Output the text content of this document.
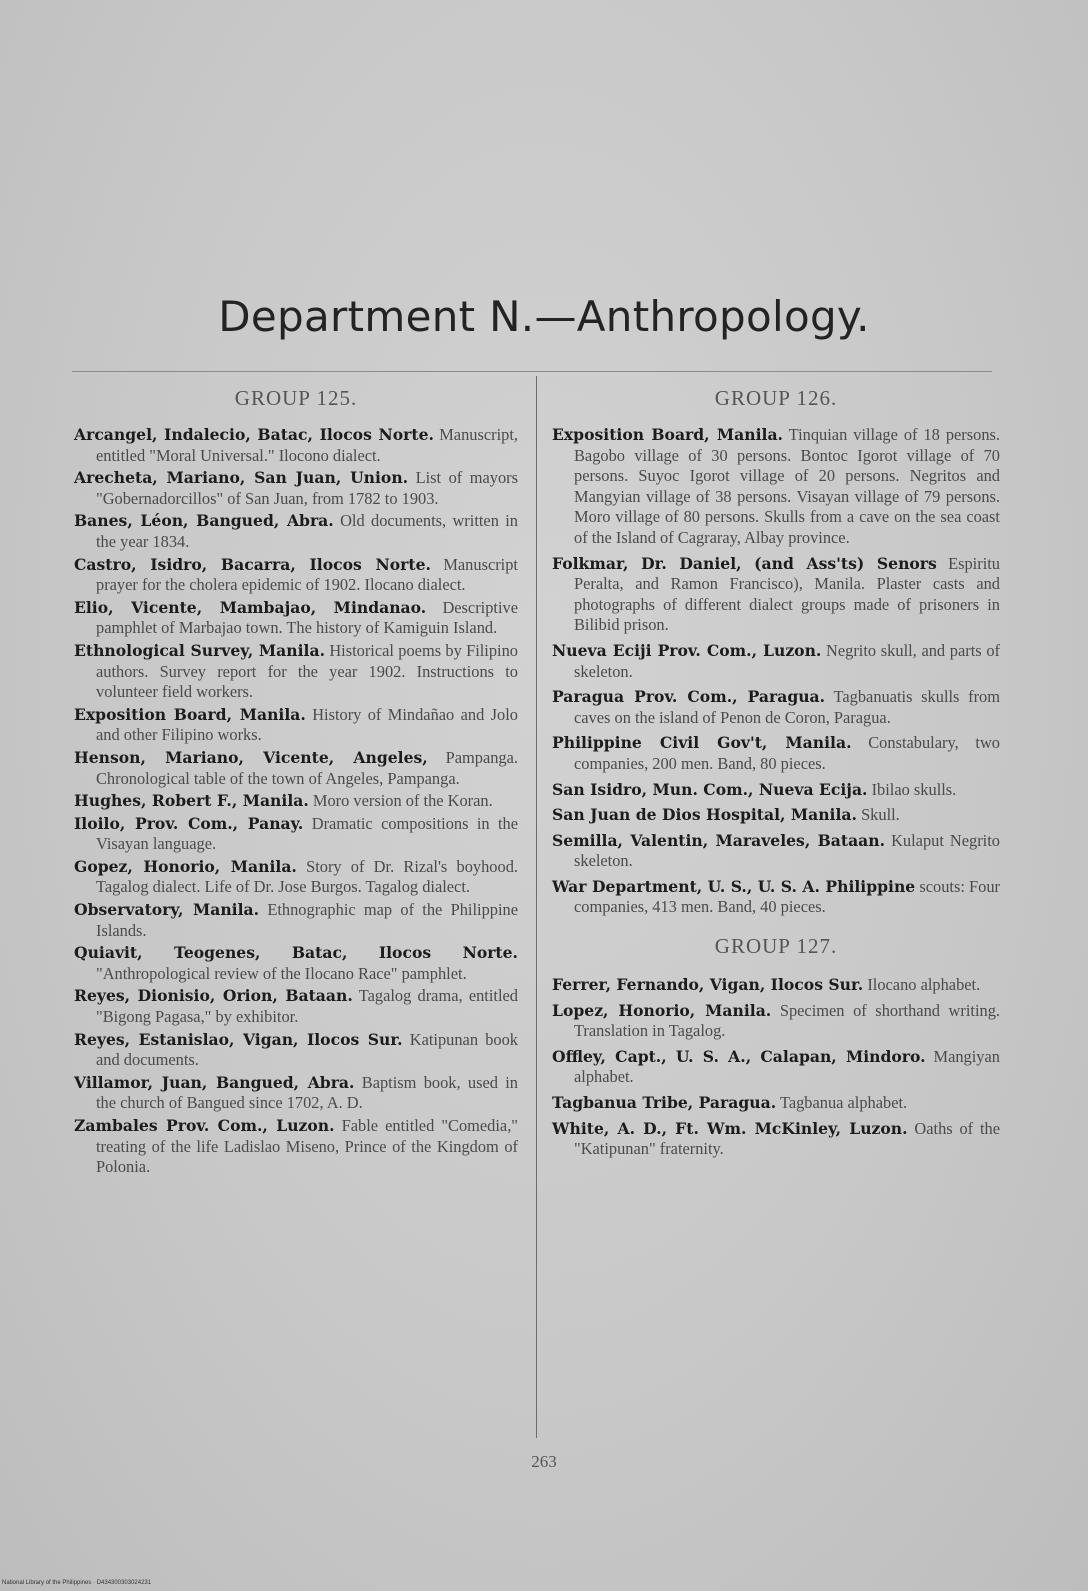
Department N.—Anthropology.
GROUP 125.
Arcangel, Indalecio, Batac, Ilocos Norte. Manuscript, entitled "Moral Universal." Ilocono dialect.
Arecheta, Mariano, San Juan, Union. List of mayors "Gobernadorcillos" of San Juan, from 1782 to 1903.
Banes, Léon, Bangued, Abra. Old documents, written in the year 1834.
Castro, Isidro, Bacarra, Ilocos Norte. Manuscript prayer for the cholera epidemic of 1902. Ilocano dialect.
Elio, Vicente, Mambajao, Mindanao. Descriptive pamphlet of Marbajao town. The history of Kamiguin Island.
Ethnological Survey, Manila. Historical poems by Filipino authors. Survey report for the year 1902. Instructions to volunteer field workers.
Exposition Board, Manila. History of Mindañao and Jolo and other Filipino works.
Henson, Mariano, Vicente, Angeles, Pampanga. Chronological table of the town of Angeles, Pampanga.
Hughes, Robert F., Manila. Moro version of the Koran.
Iloilo, Prov. Com., Panay. Dramatic compositions in the Visayan language.
Gopez, Honorio, Manila. Story of Dr. Rizal's boyhood. Tagalog dialect. Life of Dr. Jose Burgos. Tagalog dialect.
Observatory, Manila. Ethnographic map of the Philippine Islands.
Quiavit, Teogenes, Batac, Ilocos Norte. "Anthropological review of the Ilocano Race" pamphlet.
Reyes, Dionisio, Orion, Bataan. Tagalog drama, entitled "Bigong Pagasa," by exhibitor.
Reyes, Estanislao, Vigan, Ilocos Sur. Katipunan book and documents.
Villamor, Juan, Bangued, Abra. Baptism book, used in the church of Bangued since 1702, A. D.
Zambales Prov. Com., Luzon. Fable entitled "Comedia," treating of the life Ladislao Miseno, Prince of the Kingdom of Polonia.
GROUP 126.
Exposition Board, Manila. Tinquian village of 18 persons. Bagobo village of 30 persons. Bontoc Igorot village of 70 persons. Suyoc Igorot village of 20 persons. Negritos and Mangyian village of 38 persons. Visayan village of 79 persons. Moro village of 80 persons. Skulls from a cave on the sea coast of the Island of Cagraray, Albay province.
Folkmar, Dr. Daniel, (and Ass'ts) Senors Espiritu Peralta, and Ramon Francisco), Manila. Plaster casts and photographs of different dialect groups made of prisoners in Bilibid prison.
Nueva Eciji Prov. Com., Luzon. Negrito skull, and parts of skeleton.
Paragua Prov. Com., Paragua. Tagbanuatis skulls from caves on the island of Penon de Coron, Paragua.
Philippine Civil Gov't, Manila. Constabulary, two companies, 200 men. Band, 80 pieces.
San Isidro, Mun. Com., Nueva Ecija. Ibilao skulls.
San Juan de Dios Hospital, Manila. Skull.
Semilla, Valentin, Maraveles, Bataan. Kulaput Negrito skeleton.
War Department, U. S., U. S. A. Philippine scouts: Four companies, 413 men. Band, 40 pieces.
GROUP 127.
Ferrer, Fernando, Vigan, Ilocos Sur. Ilocano alphabet.
Lopez, Honorio, Manila. Specimen of shorthand writing. Translation in Tagalog.
Offley, Capt., U. S. A., Calapan, Mindoro. Mangiyan alphabet.
Tagbanua Tribe, Paragua. Tagbanua alphabet.
White, A. D., Ft. Wm. McKinley, Luzon. Oaths of the "Katipunan" fraternity.
263
National Library of the Philippines · D434300303024231
